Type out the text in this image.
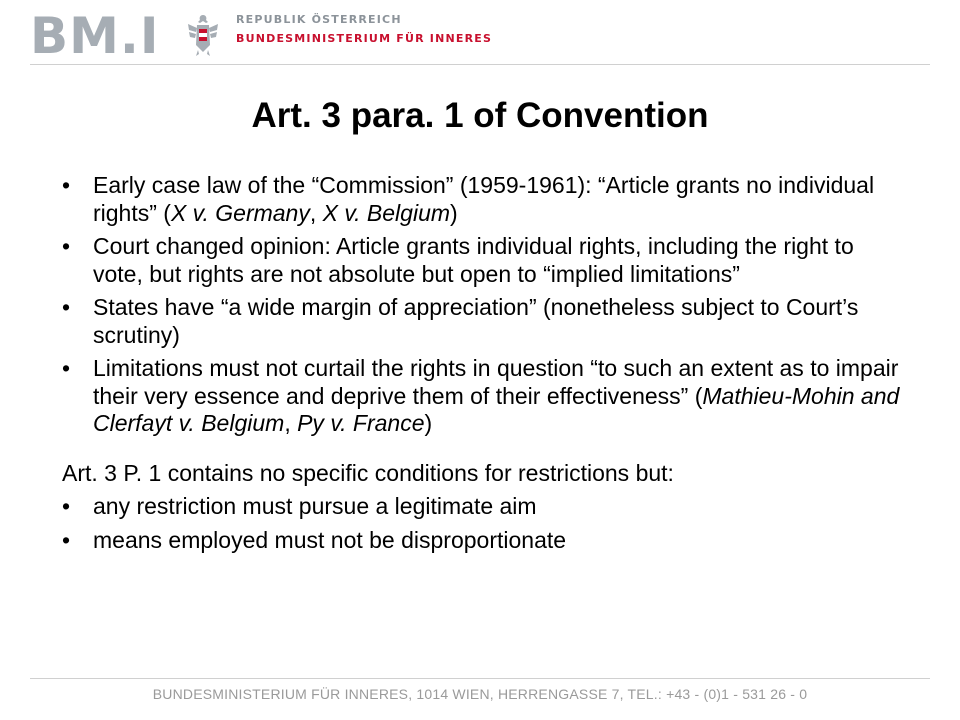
BM.I	REPUBLIK ÖSTERREICH
BUNDESMINISTERIUM FÜR INNERES
Art. 3 para. 1 of Convention
• Early case law of the “Commission” (1959-1961): “Article grants no individual rights” (X v. Germany, X v. Belgium)
• Court changed opinion: Article grants individual rights, including the right to vote, but rights are not absolute but open to “implied limitations”
• States have “a wide margin of appreciation” (nonetheless subject to Court’s scrutiny)
• Limitations must not curtail the rights in question “to such an extent as to impair their very essence and deprive them of their effectiveness” (Mathieu-Mohin and Clerfayt v. Belgium, Py v. France)
Art. 3 P. 1 contains no specific conditions for restrictions but:
• any restriction must pursue a legitimate aim
• means employed must not be disproportionate
BUNDESMINISTERIUM FÜR INNERES, 1014 WIEN, HERRENGASSE 7, TEL.: +43 - (0)1 - 531 26 - 0
